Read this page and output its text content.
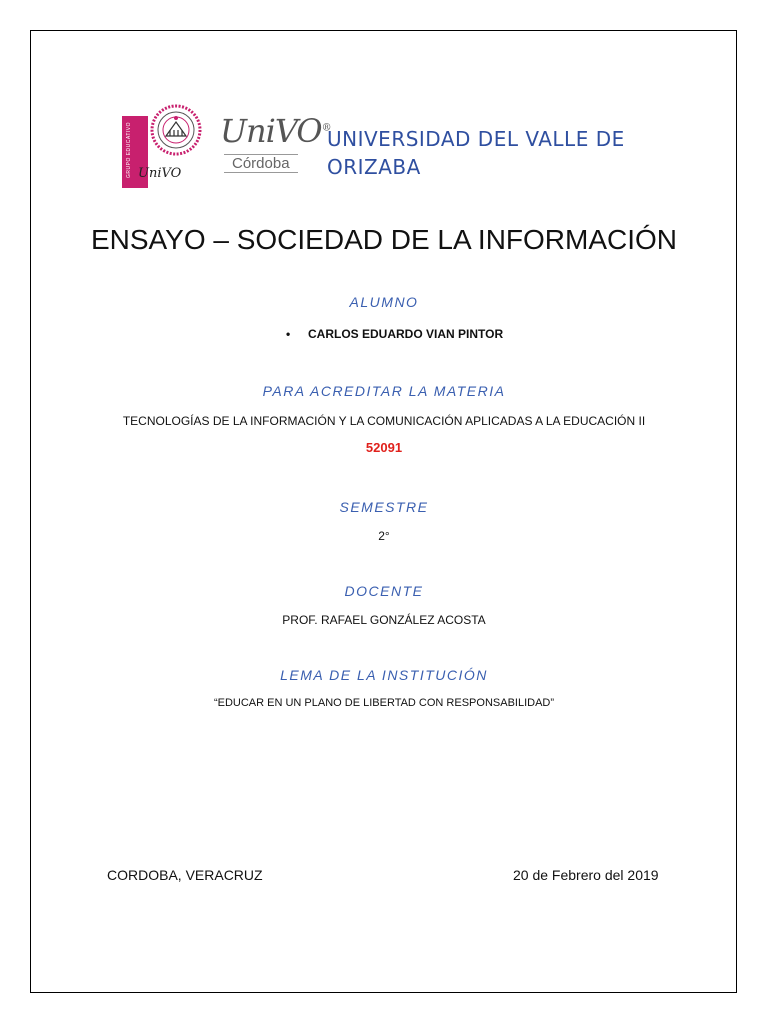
GRUPO EDUCATIVO UniVO
UniVO®
Córdoba
UNIVERSIDAD DEL VALLE DE ORIZABA
ENSAYO – SOCIEDAD DE LA INFORMACIÓN
ALUMNO
• CARLOS EDUARDO VIAN PINTOR
PARA ACREDITAR LA MATERIA
TECNOLOGÍAS DE LA INFORMACIÓN Y LA COMUNICACIÓN APLICADAS A LA EDUCACIÓN II
52091
SEMESTRE
2°
DOCENTE
PROF. RAFAEL GONZÁLEZ ACOSTA
LEMA DE LA INSTITUCIÓN
“EDUCAR EN UN PLANO DE LIBERTAD CON RESPONSABILIDAD”
CORDOBA, VERACRUZ	20 de Febrero del 2019
